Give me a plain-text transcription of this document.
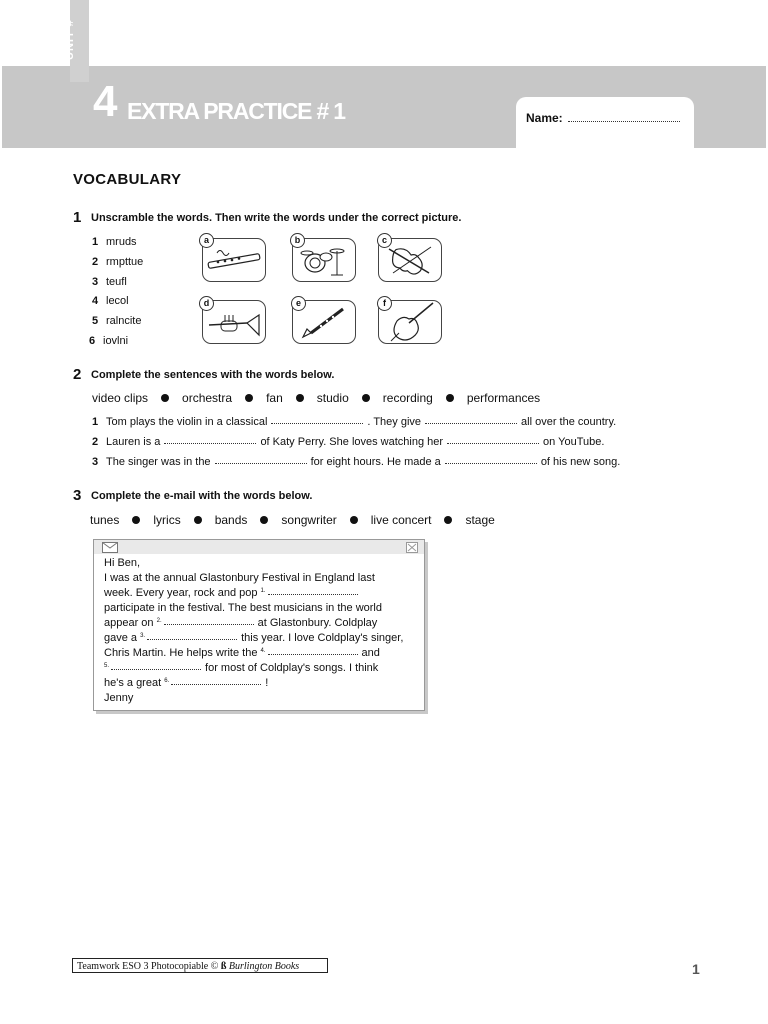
UNIT #
4 EXTRA PRACTICE # 1	Name:
VOCABULARY
1 Unscramble the words. Then write the words under the correct picture.
1 mruds
2 rmpttue
3 teufl
4 lecol
5 ralncite
6 iovlni
a	b	c
d	e	f
2 Complete the sentences with the words below.
video clips	orchestra	fan	studio	recording	performances
1 Tom plays the violin in a classical	. They give	all over the country.
2 Lauren is a	of Katy Perry. She loves watching her	on YouTube.
3 The singer was in the	for eight hours. He made a	of his new song.
3 Complete the e-mail with the words below.
tunes	lyrics	bands	songwriter	live concert	stage
Hi Ben,
I was at the annual Glastonbury Festival in England last
week. Every year, rock and pop $^{1.}$
participate in the festival. The best musicians in the world
appear on $^{2.}$	at Glastonbury. Coldplay
gave a $^{3.}$	this year. I love Coldplay's singer,
Chris Martin. He helps write the $^{4.}$	and
$^{5.}$	for most of Coldplay's songs. I think
he's a great $^{6.}$	!
Jenny
Teamwork ESO 3 Photocopiable © ß Burlington Books	1
